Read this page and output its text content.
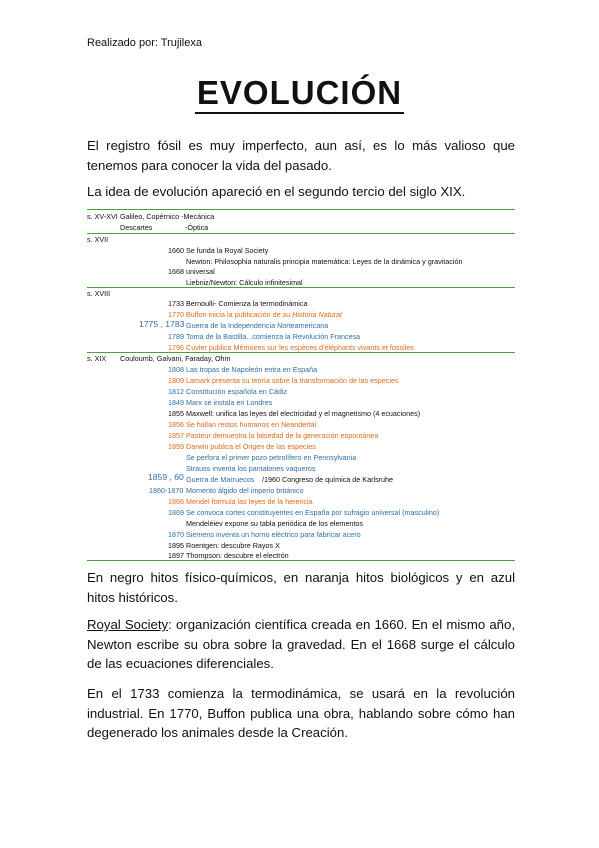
Realizado por: Trujilexa
EVOLUCIÓN
El registro fósil es muy imperfecto, aun así, es lo más valioso que tenemos para conocer la vida del pasado.
La idea de evolución apareció en el segundo tercio del siglo XIX.
s. XV-XVI Galileo, Copérnico -Mecánica
Descartes	-Óptica
s. XVII
1660 Se funda la Royal Society
Newton: Philosophia naturalis principia matemática: Leyes de la dinámica y gravitación
1668 universal
Liebniz/Newton: Cálculo infinitesimal
s. XVIII
1733 Bernoulli- Comienza la termodinámica
1770 Buffon inicia la publicación de su Historia Natural
1775 , 1783 Guerra de la Independencia Norteamericana
1789 Toma de la Bastilla...comienza la Revolución Francesa
1796 Cuvier publica Mémoires sur les espèces d'éléphants vivants et fossiles
s. XIX Couloumb, Galvani, Faraday, Ohm
1808 Las tropas de Napoleón entra en España
1809 Lamark presenta su teoría sobre la transformación de las especies
1812 Constitución española en Cádiz
1849 Marx se instala en Londres
1855 Maxwell: unifica las leyes del electricidad y el magnetismo (4 ecuaciones)
1856 Se hallan restos humanos en Neandertal
1857 Pasteur demuestra la falsedad de la generación espontánea
1859 Darwin publica el Origen de las especies
Se perfora el primer pozo petrolífero en Pennsylvania
Strauss inventa los pantalones vaqueros
1859 , 60 Guerra de Marruecos /1960 Congreso de química de Karlsruhe
1860-1870 Momento álgido del imperio británico
1866 Mendel formula las leyes de la herencia
1869 Se convoca cortes constituyentes en España por sufragio universal (masculino)
Mendeléiev expone su tabla periódica de los elementos
1870 Siemens inventa un horno eléctrico para fabricar acero
1895 Roentgen: descubre Rayos X
1897 Thompson: descubre el electrón
En negro hitos físico-químicos, en naranja hitos biológicos y en azul hitos históricos.
Royal Society: organización científica creada en 1660. En el mismo año, Newton escribe su obra sobre la gravedad. En el 1668 surge el cálculo de las ecuaciones diferenciales.
En el 1733 comienza la termodinámica, se usará en la revolución industrial. En 1770, Buffon publica una obra, hablando sobre cómo han degenerado los animales desde la Creación.
